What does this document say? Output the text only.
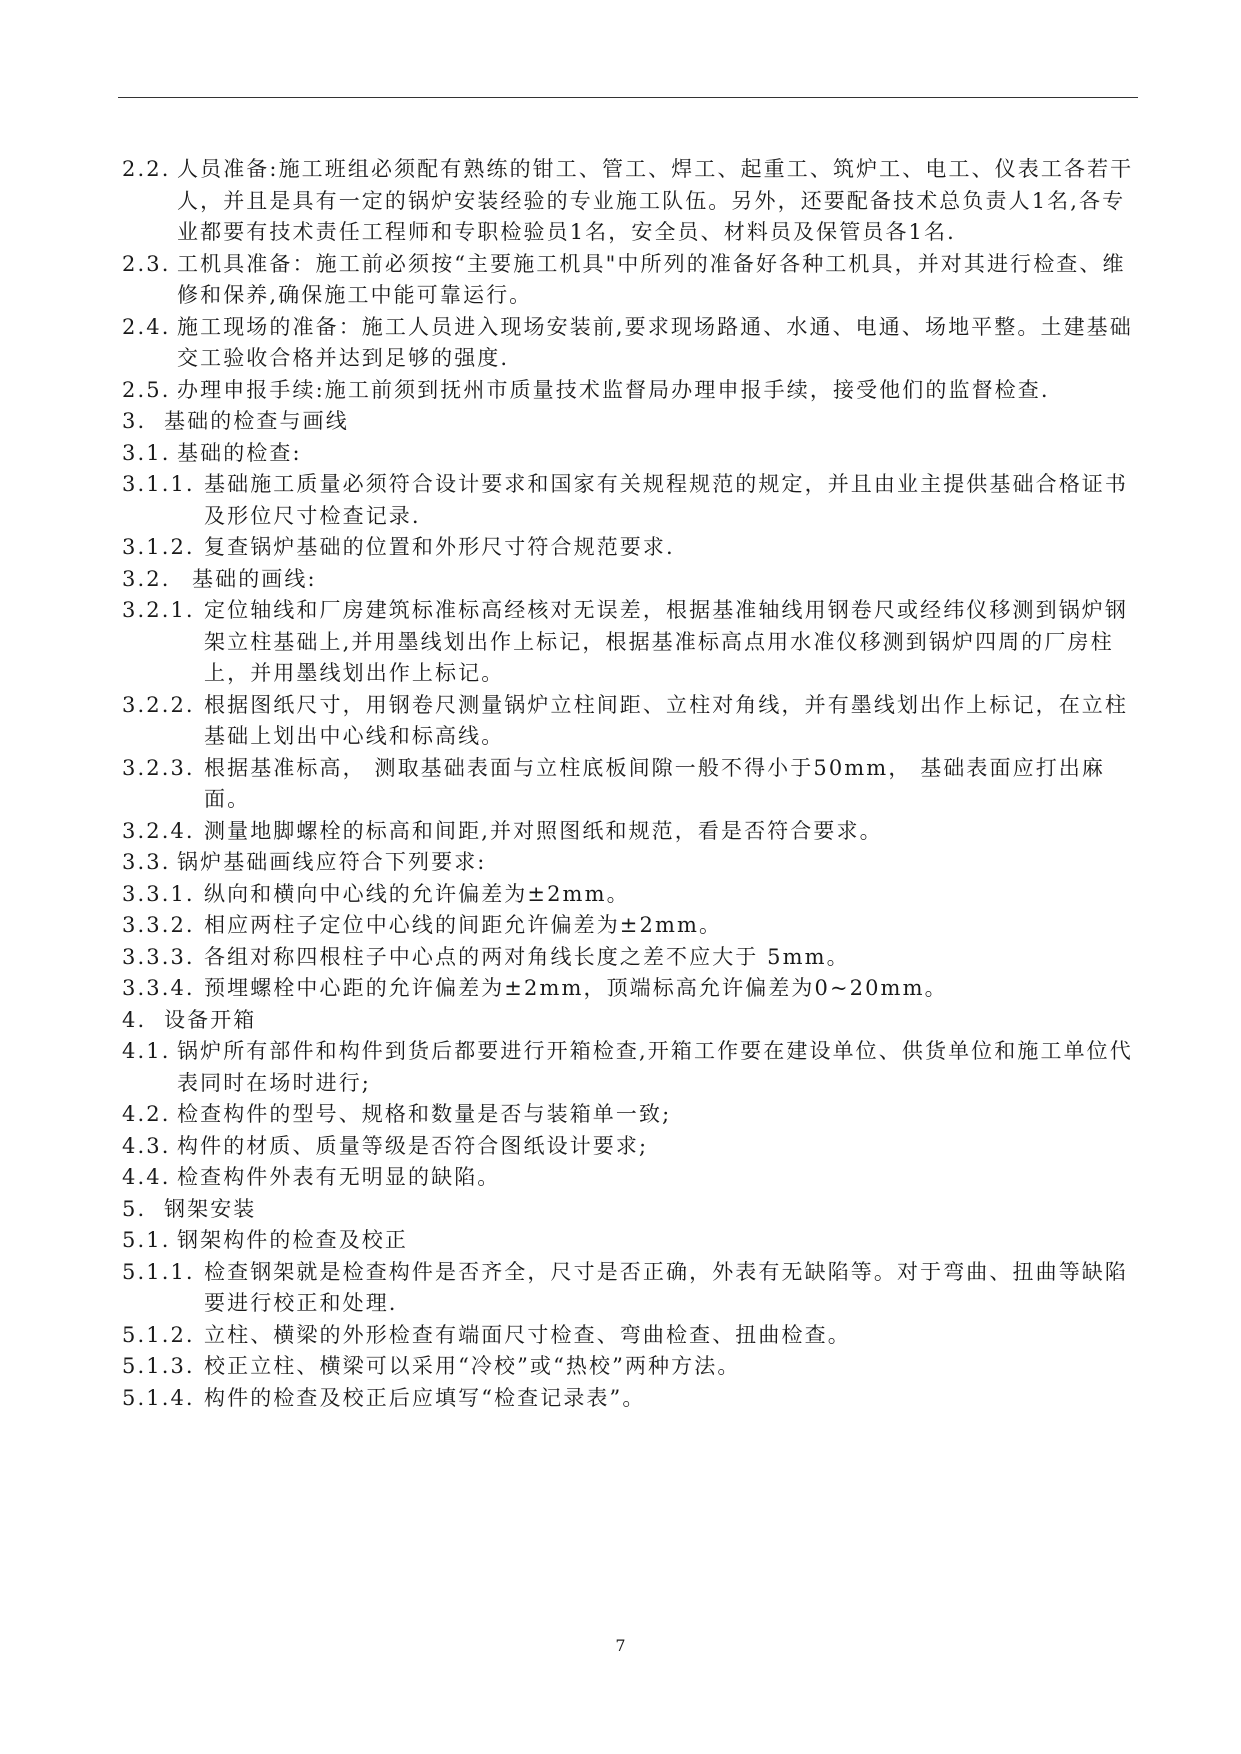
2.2. 人员准备:施工班组必须配有熟练的钳工、管工、焊工、起重工、筑炉工、电工、仪表工各若干人，并且是具有一定的锅炉安装经验的专业施工队伍。另外，还要配备技术总负责人1名,各专业都要有技术责任工程师和专职检验员1名，安全员、材料员及保管员各1名.
2.3. 工机具准备：施工前必须按“主要施工机具"中所列的准备好各种工机具，并对其进行检查、维修和保养,确保施工中能可靠运行。
2.4. 施工现场的准备：施工人员进入现场安装前,要求现场路通、水通、电通、场地平整。土建基础交工验收合格并达到足够的强度.
2.5. 办理申报手续:施工前须到抚州市质量技术监督局办理申报手续，接受他们的监督检查.
3. 基础的检查与画线
3.1. 基础的检查:
3.1.1. 基础施工质量必须符合设计要求和国家有关规程规范的规定，并且由业主提供基础合格证书及形位尺寸检查记录.
3.1.2. 复查锅炉基础的位置和外形尺寸符合规范要求.
3.2. 基础的画线:
3.2.1. 定位轴线和厂房建筑标准标高经核对无误差，根据基准轴线用钢卷尺或经纬仪移测到锅炉钢架立柱基础上,并用墨线划出作上标记，根据基准标高点用水准仪移测到锅炉四周的厂房柱上，并用墨线划出作上标记。
3.2.2. 根据图纸尺寸，用钢卷尺测量锅炉立柱间距、立柱对角线，并有墨线划出作上标记，在立柱基础上划出中心线和标高线。
3.2.3. 根据基准标高， 测取基础表面与立柱底板间隙一般不得小于50mm， 基础表面应打出麻面。
3.2.4. 测量地脚螺栓的标高和间距,并对照图纸和规范，看是否符合要求。
3.3. 锅炉基础画线应符合下列要求:
3.3.1. 纵向和横向中心线的允许偏差为±2mm。
3.3.2. 相应两柱子定位中心线的间距允许偏差为±2mm。
3.3.3. 各组对称四根柱子中心点的两对角线长度之差不应大于 5mm。
3.3.4. 预埋螺栓中心距的允许偏差为±2mm，顶端标高允许偏差为0~20mm。
4. 设备开箱
4.1. 锅炉所有部件和构件到货后都要进行开箱检查,开箱工作要在建设单位、供货单位和施工单位代表同时在场时进行;
4.2. 检查构件的型号、规格和数量是否与装箱单一致;
4.3. 构件的材质、质量等级是否符合图纸设计要求;
4.4. 检查构件外表有无明显的缺陷。
5. 钢架安装
5.1. 钢架构件的检查及校正
5.1.1. 检查钢架就是检查构件是否齐全，尺寸是否正确，外表有无缺陷等。对于弯曲、扭曲等缺陷要进行校正和处理.
5.1.2. 立柱、横梁的外形检查有端面尺寸检查、弯曲检查、扭曲检查。
5.1.3. 校正立柱、横梁可以采用“冷校”或“热校”两种方法。
5.1.4. 构件的检查及校正后应填写“检查记录表”。
7
